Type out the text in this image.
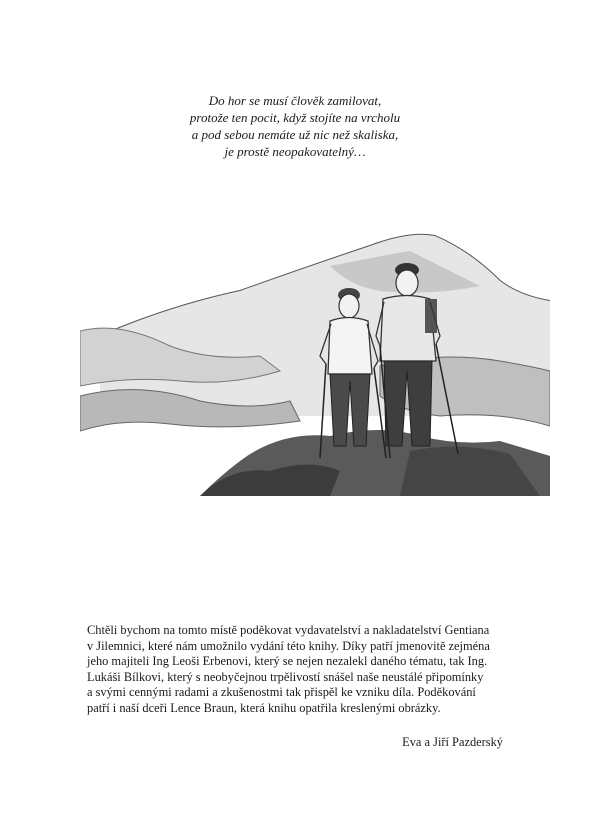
Do hor se musí člověk zamilovat,
protože ten pocit, když stojíte na vrcholu
a pod sebou nemáte už nic než skaliska,
je prostě neopakovatelný…
Chtěli bychom na tomto místě poděkovat vydavatelství a nakladatelství Gentiana
v Jilemnici, které nám umožnilo vydání této knihy. Díky patří jmenovitě zejména
jeho majiteli Ing Leoši Erbenovi, který se nejen nezalekl daného tématu, tak Ing.
Lukáši Bílkovi, který s neobyčejnou trpělivostí snášel naše neustálé připomínky
a svými cennými radami a zkušenostmi tak přispěl ke vzniku díla. Poděkování
patří i naší dceři Lence Braun, která knihu opatřila kreslenými obrázky.
Eva a Jiří Pazderský
